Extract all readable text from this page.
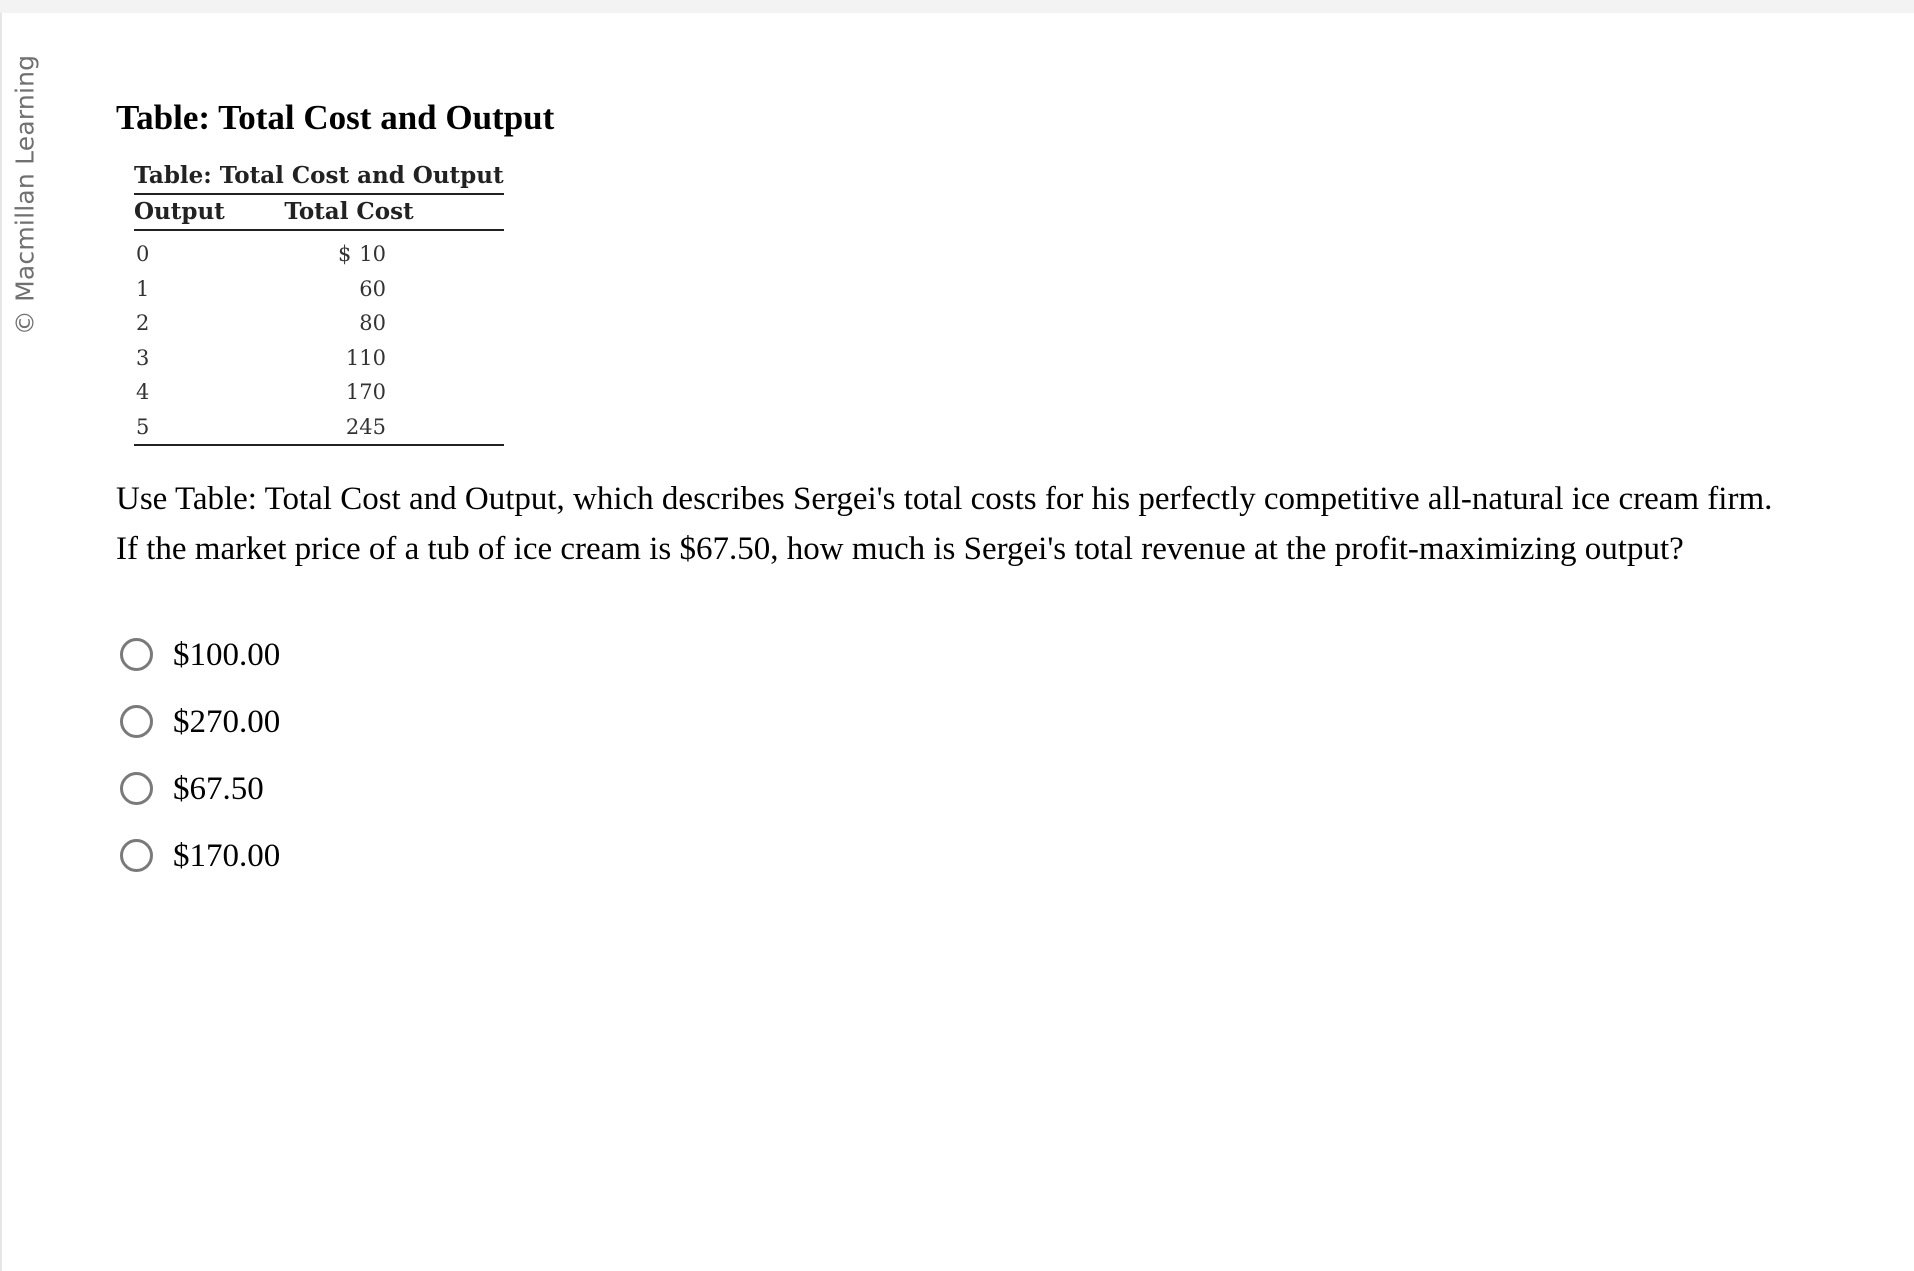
© Macmillan Learning Table: Total Cost and Output
Table: Total Cost and Output
Output	Total Cost
0	$ 10
1	60
2	80
3	110
4	170
5	245

Use Table: Total Cost and Output, which describes Sergei's total costs for his perfectly competitive all-natural ice cream firm. If the market price of a tub of ice cream is $67.50, how much is Sergei's total revenue at the profit-maximizing output?

$100.00
$270.00
$67.50
$170.00
